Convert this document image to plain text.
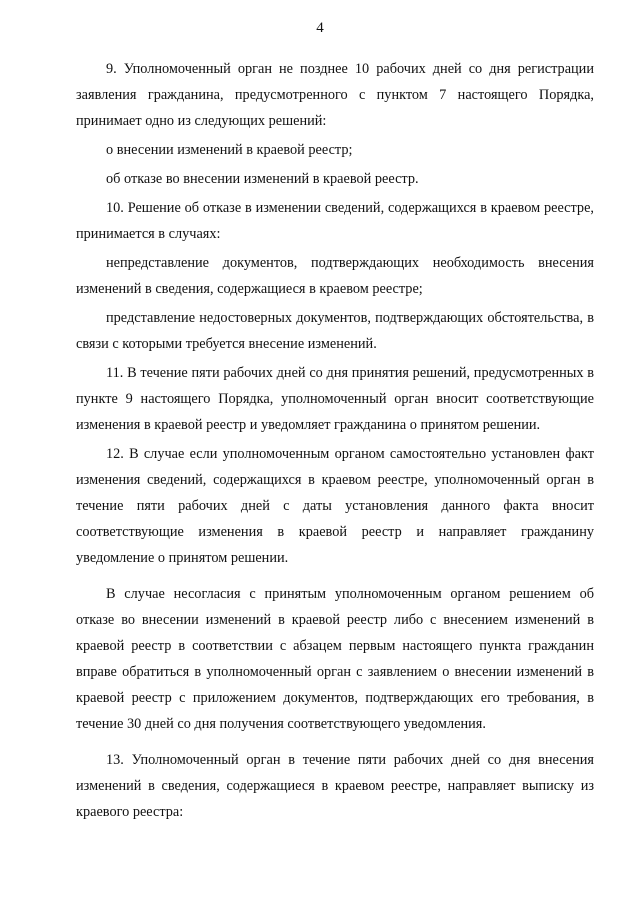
4

9. Уполномоченный орган не позднее 10 рабочих дней со дня регистрации заявления гражданина, предусмотренного с пунктом 7 настоящего Порядка, принимает одно из следующих решений:

о внесении изменений в краевой реестр;

об отказе во внесении изменений в краевой реестр.

10. Решение об отказе в изменении сведений, содержащихся в краевом реестре, принимается в случаях:

непредставление документов, подтверждающих необходимость внесения изменений в сведения, содержащиеся в краевом реестре;

представление недостоверных документов, подтверждающих обстоятельства, в связи с которыми требуется внесение изменений.

11. В течение пяти рабочих дней со дня принятия решений, предусмотренных в пункте 9 настоящего Порядка, уполномоченный орган вносит соответствующие изменения в краевой реестр и уведомляет гражданина о принятом решении.

12. В случае если уполномоченным органом самостоятельно установлен факт изменения сведений, содержащихся в краевом реестре, уполномоченный орган в течение пяти рабочих дней с даты установления данного факта вносит соответствующие изменения в краевой реестр и направляет гражданину уведомление о принятом решении.

В случае несогласия с принятым уполномоченным органом решением об отказе во внесении изменений в краевой реестр либо с внесением изменений в краевой реестр в соответствии с абзацем первым настоящего пункта гражданин вправе обратиться в уполномоченный орган с заявлением о внесении изменений в краевой реестр с приложением документов, подтверждающих его требования, в течение 30 дней со дня получения соответствующего уведомления.

13. Уполномоченный орган в течение пяти рабочих дней со дня внесения изменений в сведения, содержащиеся в краевом реестре, направляет выписку из краевого реестра:
